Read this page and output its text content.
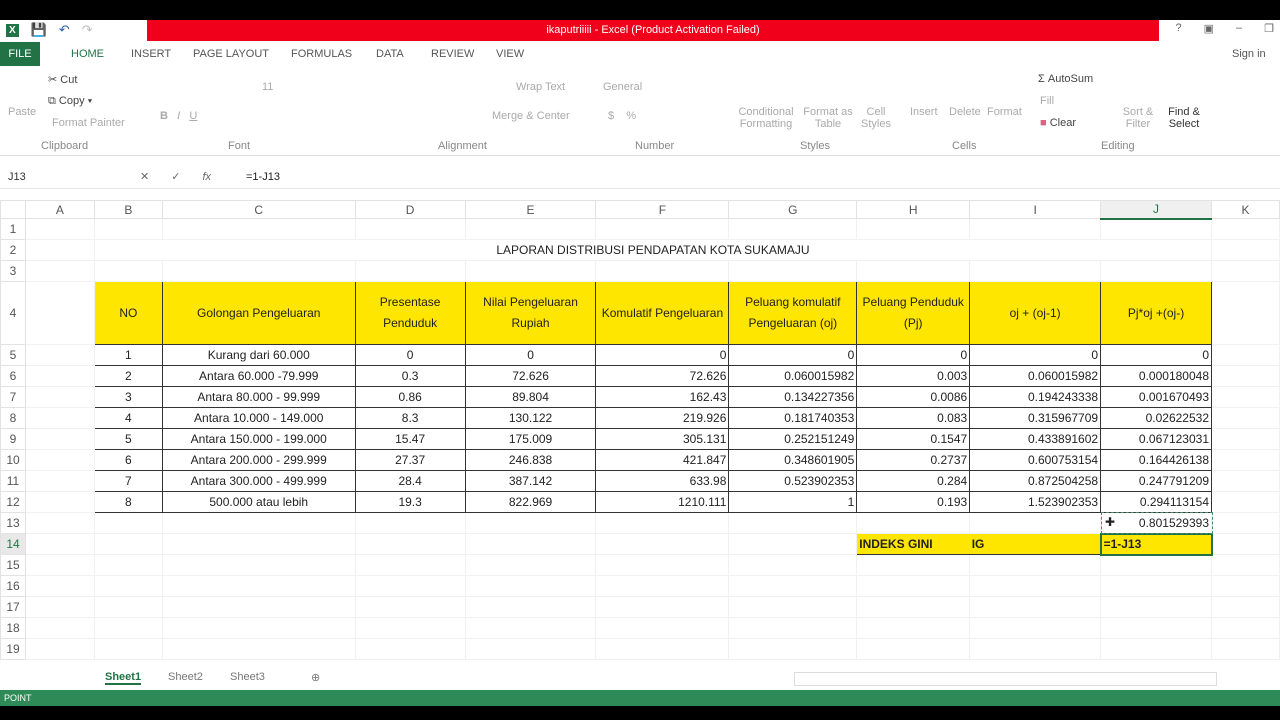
X 💾 ↶ ↷	ikaputriiiii - Excel (Product Activation Failed)	? ▣ – ❐
FILE	HOME INSERT PAGE LAYOUT FORMULAS DATA REVIEW VIEW	Sign in
Paste
✂ Cut
⧉ Copy ▾
Format Painter
11
B I U
Wrap Text
Merge & Center
General
$    %	Conditional Formatting
Format as Table
Cell Styles
Insert Delete Format
Σ AutoSum
Fill
■ Clear
Sort & Filter
Find & Select
Clipboard	Font	Alignment	Number	Styles	Cells	Editing
J13	✕ ✓ fx	=1-J13
	A	B	C	D	E	F	G	H	I	J	K
1											
2		LAPORAN DISTRIBUSI PENDAPATAN KOTA SUKAMAJU									
3											
4		NO	Golongan Pengeluaran	Presentase Penduduk	Nilai Pengeluaran Rupiah	Komulatif Pengeluaran	Peluang komulatif Pengeluaran (oj)	Peluang Penduduk (Pj)	oj + (oj-1)	Pj*oj +(oj-)	
5		1	Kurang dari 60.000	0	0	0	0	0	0	0	
6		2	Antara 60.000 -79.999	0.3	72.626	72.626	0.060015982	0.003	0.060015982	0.000180048	
7		3	Antara 80.000 - 99.999	0.86	89.804	162.43	0.134227356	0.0086	0.194243338	0.001670493	
8		4	Antara 10.000 - 149.000	8.3	130.122	219.926	0.181740353	0.083	0.315967709	0.02622532	
9		5	Antara 150.000 - 199.000	15.47	175.009	305.131	0.252151249	0.1547	0.433891602	0.067123031	
10		6	Antara 200.000 - 299.999	27.37	246.838	421.847	0.348601905	0.2737	0.600753154	0.164426138	
11		7	Antara 300.000 - 499.999	28.4	387.142	633.98	0.523902353	0.284	0.872504258	0.247791209	
12		8	500.000 atau lebih	19.3	822.969	1210.111	1	0.193	1.523902353	0.294113154	
13										0.801529393	
14								INDEKS GINI	IG	=1-J13	
15											
16											
17											
18											
19											
✚
Sheet1 Sheet2 Sheet3	⊕
POINT
